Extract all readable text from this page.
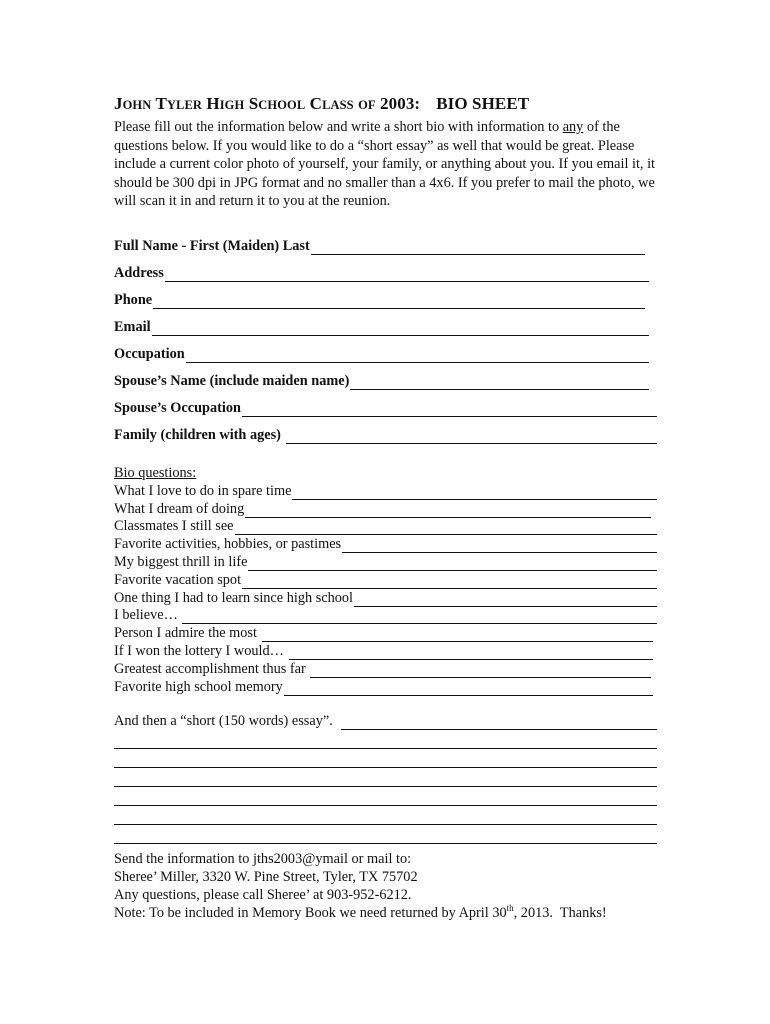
JOHN TYLER HIGH SCHOOL CLASS OF 2003: BIO SHEET

Please fill out the information below and write a short bio with information to any of the questions below. If you would like to do a “short essay” as well that would be great. Please include a current color photo of yourself, your family, or anything about you. If you email it, it should be 300 dpi in JPG format and no smaller than a 4x6. If you prefer to mail the photo, we will scan it in and return it to you at the reunion.

Full Name - First (Maiden) Last
Address
Phone
Email
Occupation
Spouse’s Name (include maiden name)
Spouse’s Occupation
Family (children with ages)
Bio questions:
What I love to do in spare time
What I dream of doing
Classmates I still see
Favorite activities, hobbies, or pastimes
My biggest thrill in life
Favorite vacation spot
One thing I had to learn since high school
I believe…
Person I admire the most
If I won the lottery I would…
Greatest accomplishment thus far
Favorite high school memory
And then a “short (150 words) essay”.
Send the information to jths2003@ymail or mail to:
Sheree’ Miller, 3320 W. Pine Street, Tyler, TX 75702
Any questions, please call Sheree’ at 903-952-6212.
Note: To be included in Memory Book we need returned by April 30th, 2013.  Thanks!
